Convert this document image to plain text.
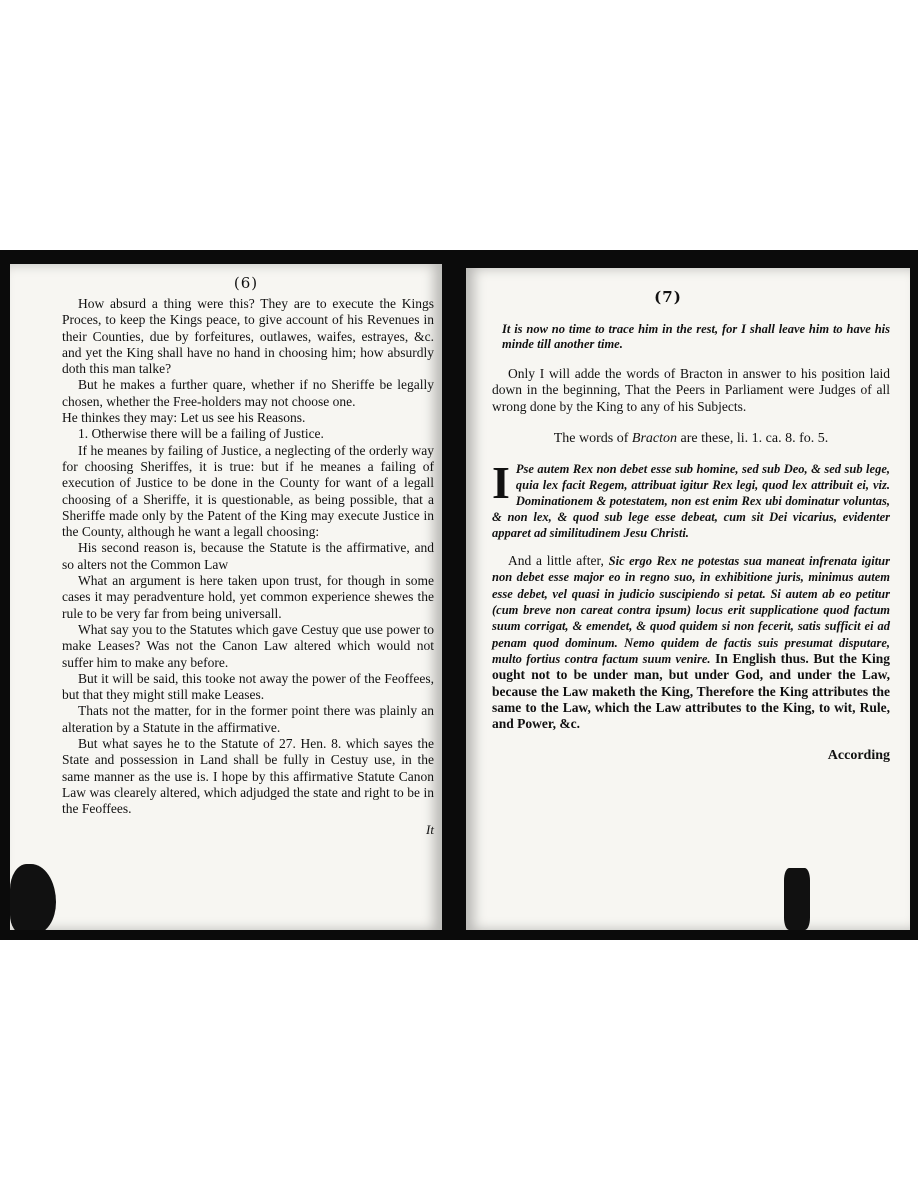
(6)

How absurd a thing were this? They are to execute the Kings Proces, to keep the Kings peace, to give account of his Revenues in their Counties, due by forfeitures, outlawes, waifes, estrayes, &c. and yet the King shall have no hand in choosing him; how absurdly doth this man talke?

But he makes a further quare, whether if no Sheriffe be legally chosen, whether the Free-holders may not choose one.

He thinkes they may: Let us see his Reasons.

1. Otherwise there will be a failing of Justice.

If he meanes by failing of Justice, a neglecting of the orderly way for choosing Sheriffes, it is true: but if he meanes a failing of execution of Justice to be done in the County for want of a legall choosing of a Sheriffe, it is questionable, as being possible, that a Sheriffe made only by the Patent of the King may execute Justice in the County, although he want a legall choosing:

His second reason is, because the Statute is the affirmative, and so alters not the Common Law

What an argument is here taken upon trust, for though in some cases it may peradventure hold, yet common experience shewes the rule to be very far from being universall.

What say you to the Statutes which gave Cestuy que use power to make Leases? Was not the Canon Law altered which would not suffer him to make any before.

But it will be said, this tooke not away the power of the Feoffees, but that they might still make Leases.

Thats not the matter, for in the former point there was plainly an alteration by a Statute in the affirmative.

But what sayes he to the Statute of 27. Hen. 8. which sayes the State and possession in Land shall be fully in Cestuy use, in the same manner as the use is. I hope by this affirmative Statute Canon Law was clearely altered, which adjudged the state and right to be in the Feoffees.

It
(7)
It is now no time to trace him in the rest, for I shall leave him to have his minde till another time.

Only I will adde the words of Bracton in answer to his position laid down in the beginning, That the Peers in Parliament were Judges of all wrong done by the King to any of his Subjects.

The words of Bracton are these, li. 1. ca. 8. fo. 5.

I Pse autem Rex non debet esse sub homine, sed sub Deo, & sed sub lege, quia lex facit Regem, attribuat igitur Rex legi, quod lex attribuit ei, viz. Dominationem & potestatem, non est enim Rex ubi dominatur voluntas, & non lex, & quod sub lege esse debeat, cum sit Dei vicarius, evidenter apparet ad similitudinem Jesu Christi.

And a little after, Sic ergo Rex ne potestas sua maneat infrenata igitur non debet esse major eo in regno suo, in exhibitione juris, minimus autem esse debet, vel quasi in judicio suscipiendo si petat. Si autem ab eo petitur (cum breve non careat contra ipsum) locus erit supplicatione quod factum suum corrigat, & emendet, & quod quidem si non fecerit, satis sufficit ei ad penam quod dominum. Nemo quidem de factis suis presumat disputare, multo fortius contra factum suum venire. In English thus. But the King ought not to be under man, but under God, and under the Law, because the Law maketh the King, Therefore the King attributes the same to the Law, which the Law attributes to the King, to wit, Rule, and Power, &c.

According
